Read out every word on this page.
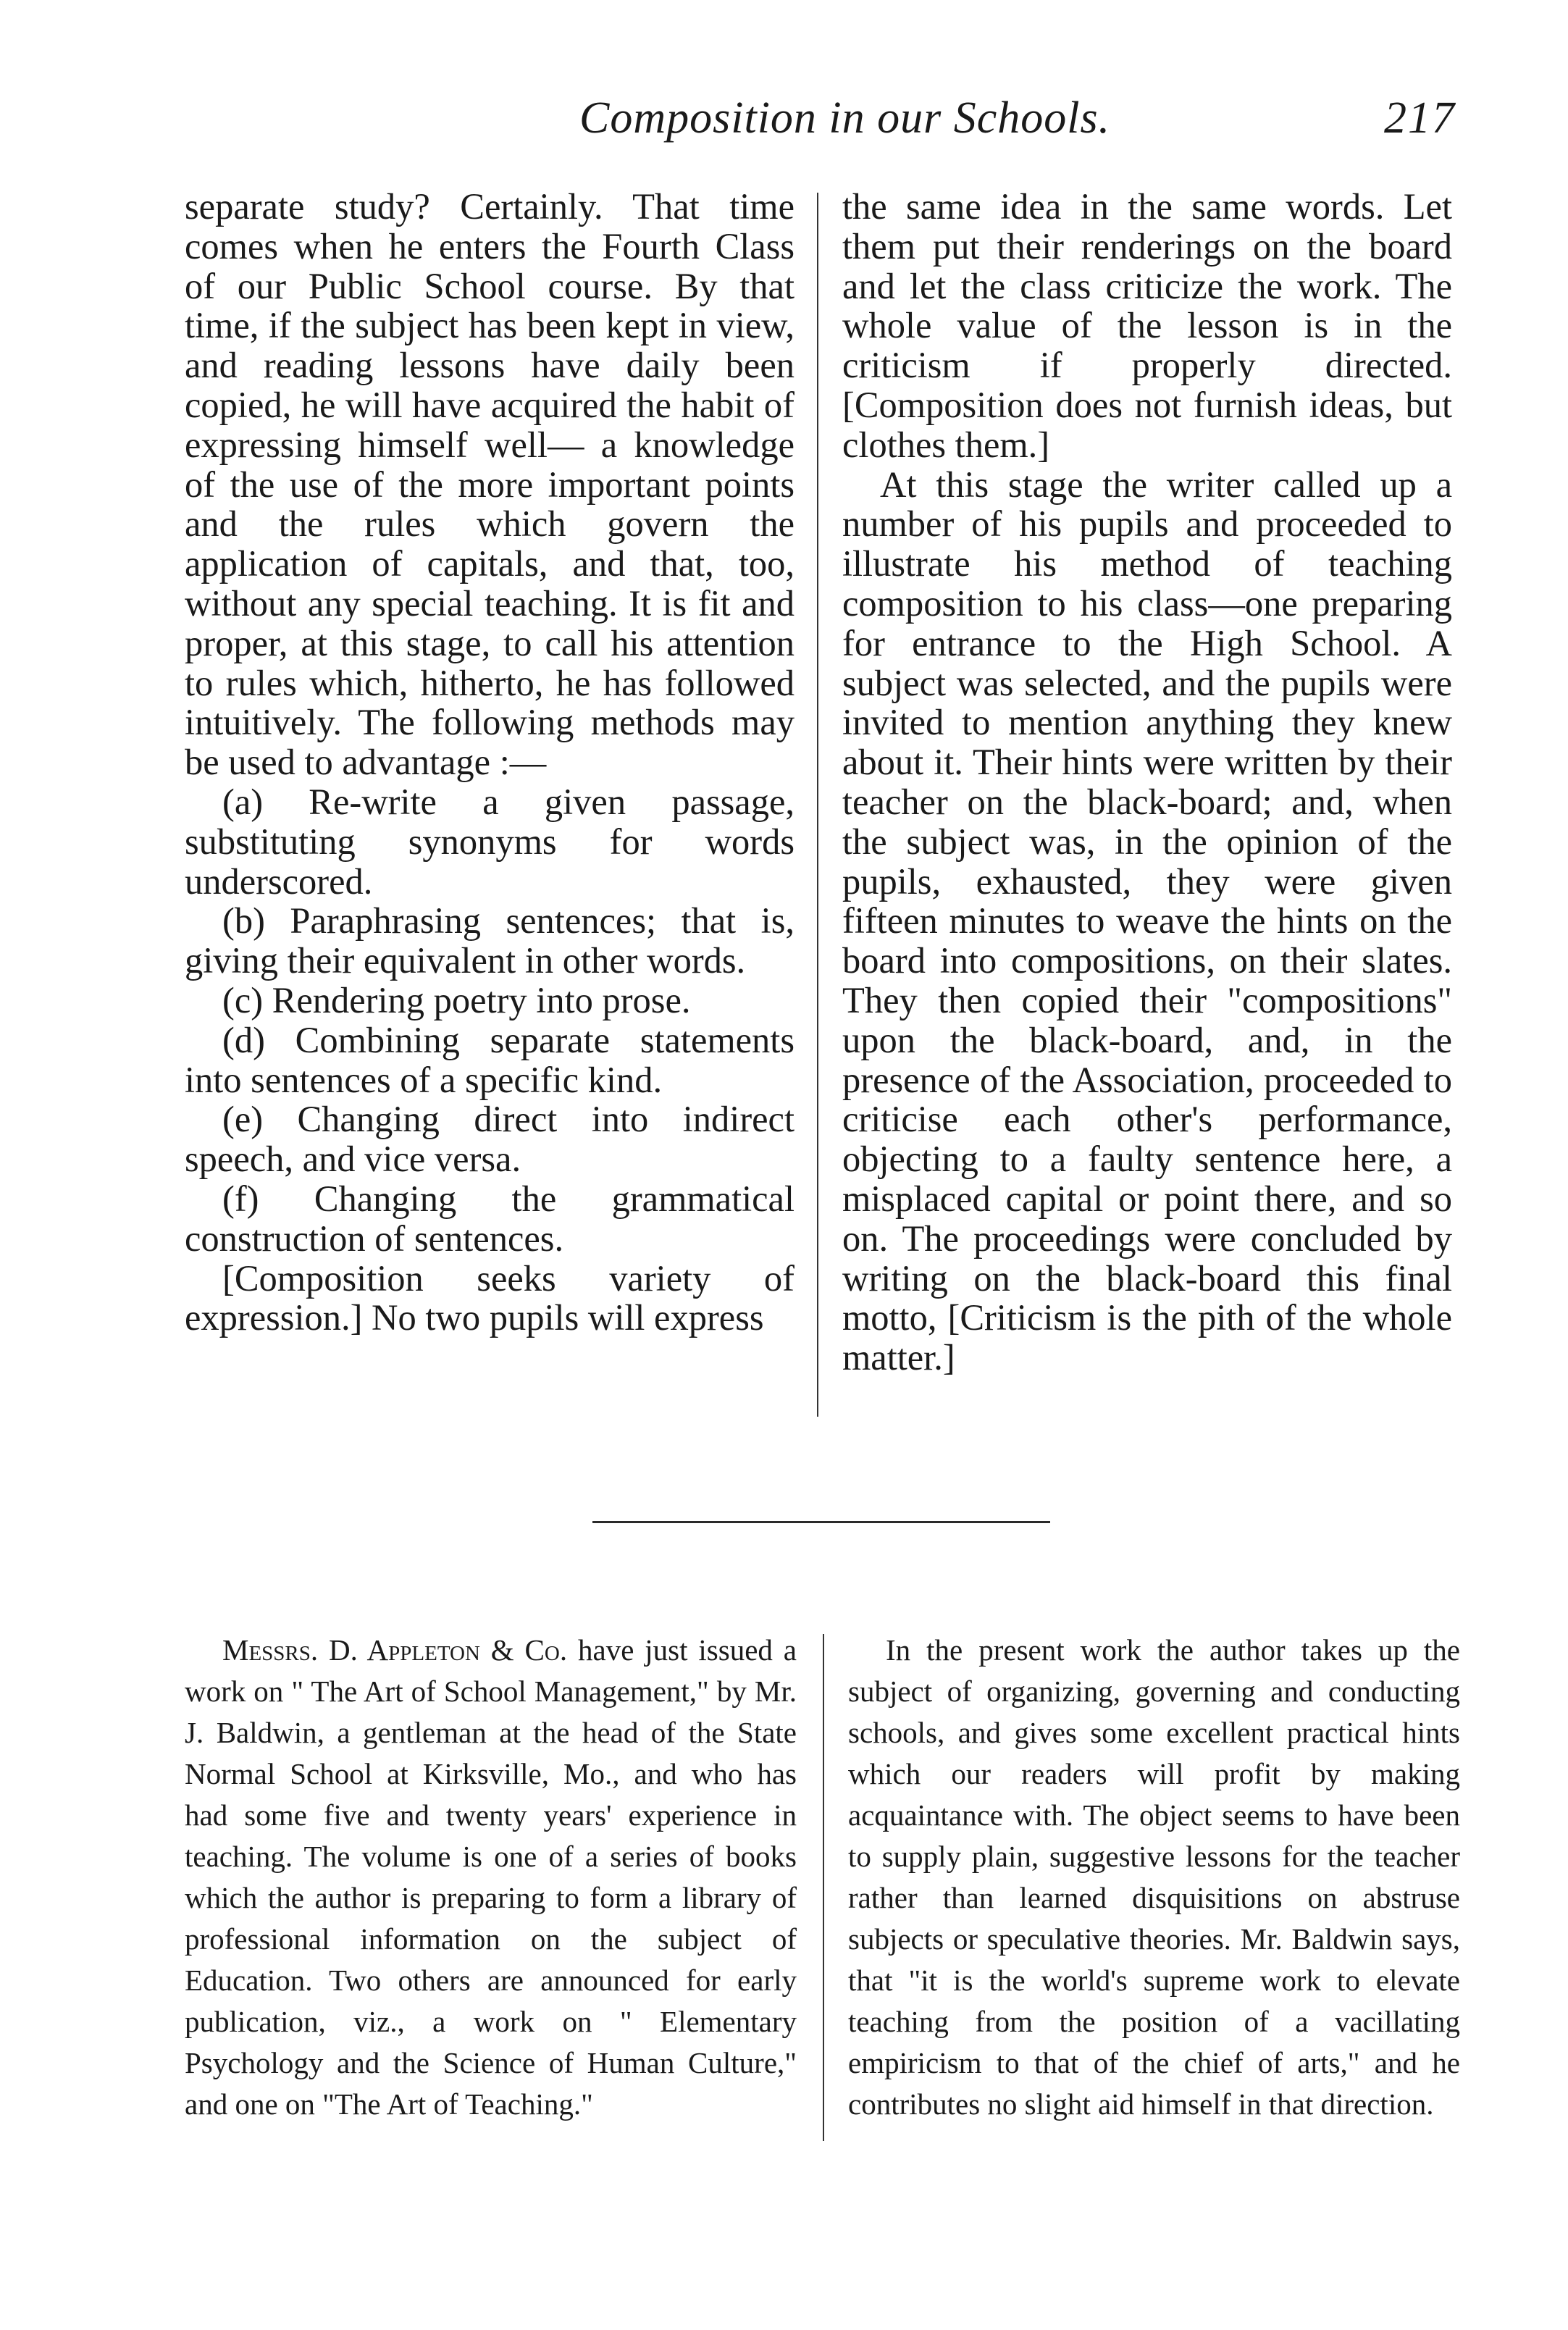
Composition in our Schools.	217

separate study? Certainly. That time comes when he enters the Fourth Class of our Public School course. By that time, if the subject has been kept in view, and reading lessons have daily been copied, he will have acquired the habit of expressing himself well— a knowledge of the use of the more important points and the rules which govern the application of capitals, and that, too, without any special teaching. It is fit and proper, at this stage, to call his attention to rules which, hitherto, he has followed intuitively. The following methods may be used to advantage :—

(a) Re-write a given passage, substituting synonyms for words underscored.

(b) Paraphrasing sentences; that is, giving their equivalent in other words.

(c) Rendering poetry into prose.

(d) Combining separate statements into sentences of a specific kind.

(e) Changing direct into indirect speech, and vice versa.

(f) Changing the grammatical construction of sentences.

[Composition seeks variety of expression.] No two pupils will express

the same idea in the same words. Let them put their renderings on the board and let the class criticize the work. The whole value of the lesson is in the criticism if properly directed. [Composition does not furnish ideas, but clothes them.]

At this stage the writer called up a number of his pupils and proceeded to illustrate his method of teaching composition to his class—one preparing for entrance to the High School. A subject was selected, and the pupils were invited to mention anything they knew about it. Their hints were written by their teacher on the black-board; and, when the subject was, in the opinion of the pupils, exhausted, they were given fifteen minutes to weave the hints on the board into compositions, on their slates. They then copied their "compositions" upon the black-board, and, in the presence of the Association, proceeded to criticise each other's performance, objecting to a faulty sentence here, a misplaced capital or point there, and so on. The proceedings were concluded by writing on the black-board this final motto, [Criticism is the pith of the whole matter.]

Messrs. D. Appleton & Co. have just issued a work on " The Art of School Management," by Mr. J. Baldwin, a gentleman at the head of the State Normal School at Kirksville, Mo., and who has had some five and twenty years' experience in teaching. The volume is one of a series of books which the author is preparing to form a library of professional information on the subject of Education. Two others are announced for early publication, viz., a work on " Elementary Psychology and the Science of Human Culture," and one on "The Art of Teaching."

In the present work the author takes up the subject of organizing, governing and conducting schools, and gives some excellent practical hints which our readers will profit by making acquaintance with. The object seems to have been to supply plain, suggestive lessons for the teacher rather than learned disquisitions on abstruse subjects or speculative theories. Mr. Baldwin says, that "it is the world's supreme work to elevate teaching from the position of a vacillating empiricism to that of the chief of arts," and he contributes no slight aid himself in that direction.
